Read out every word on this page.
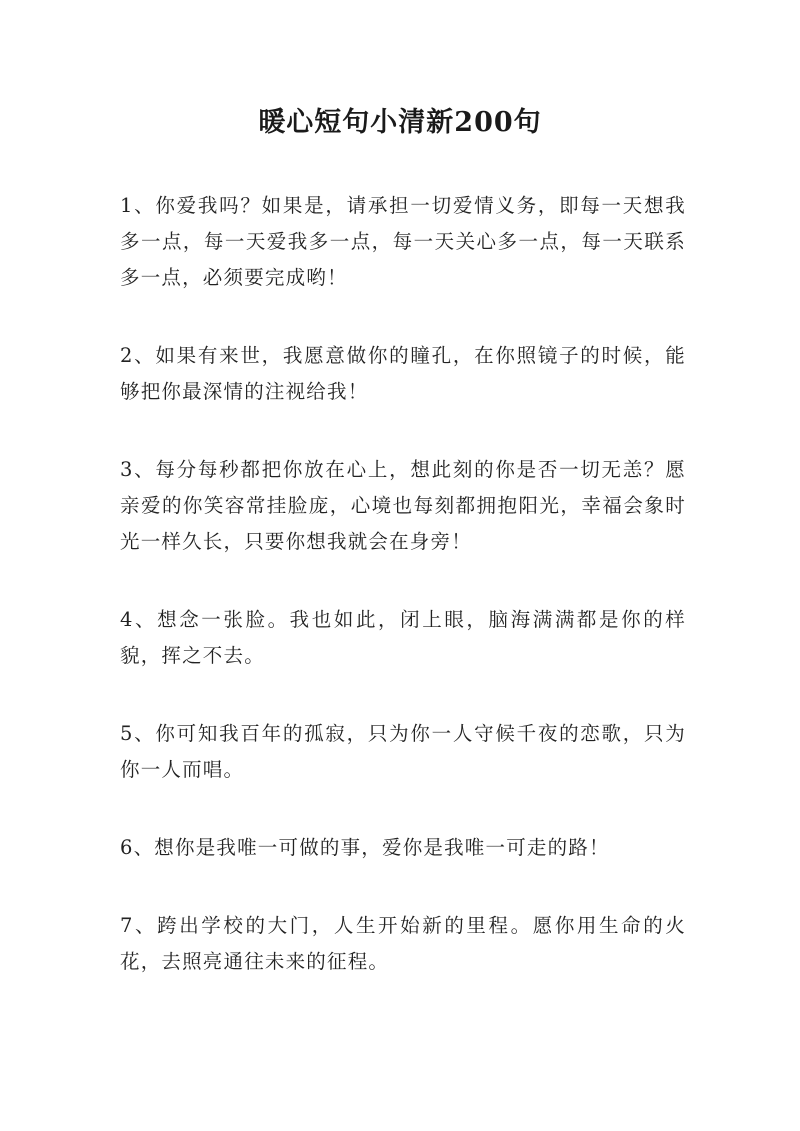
暖心短句小清新200句

1、你爱我吗？如果是，请承担一切爱情义务，即每一天想我多一点，每一天爱我多一点，每一天关心多一点，每一天联系多一点，必须要完成哟！

2、如果有来世，我愿意做你的瞳孔，在你照镜子的时候，能够把你最深情的注视给我！

3、每分每秒都把你放在心上，想此刻的你是否一切无恙？愿亲爱的你笑容常挂脸庞，心境也每刻都拥抱阳光，幸福会象时光一样久长，只要你想我就会在身旁！

4、想念一张脸。我也如此，闭上眼，脑海满满都是你的样貌，挥之不去。

5、你可知我百年的孤寂，只为你一人守候千夜的恋歌，只为你一人而唱。

6、想你是我唯一可做的事，爱你是我唯一可走的路！

7、跨出学校的大门，人生开始新的里程。愿你用生命的火花，去照亮通往未来的征程。
